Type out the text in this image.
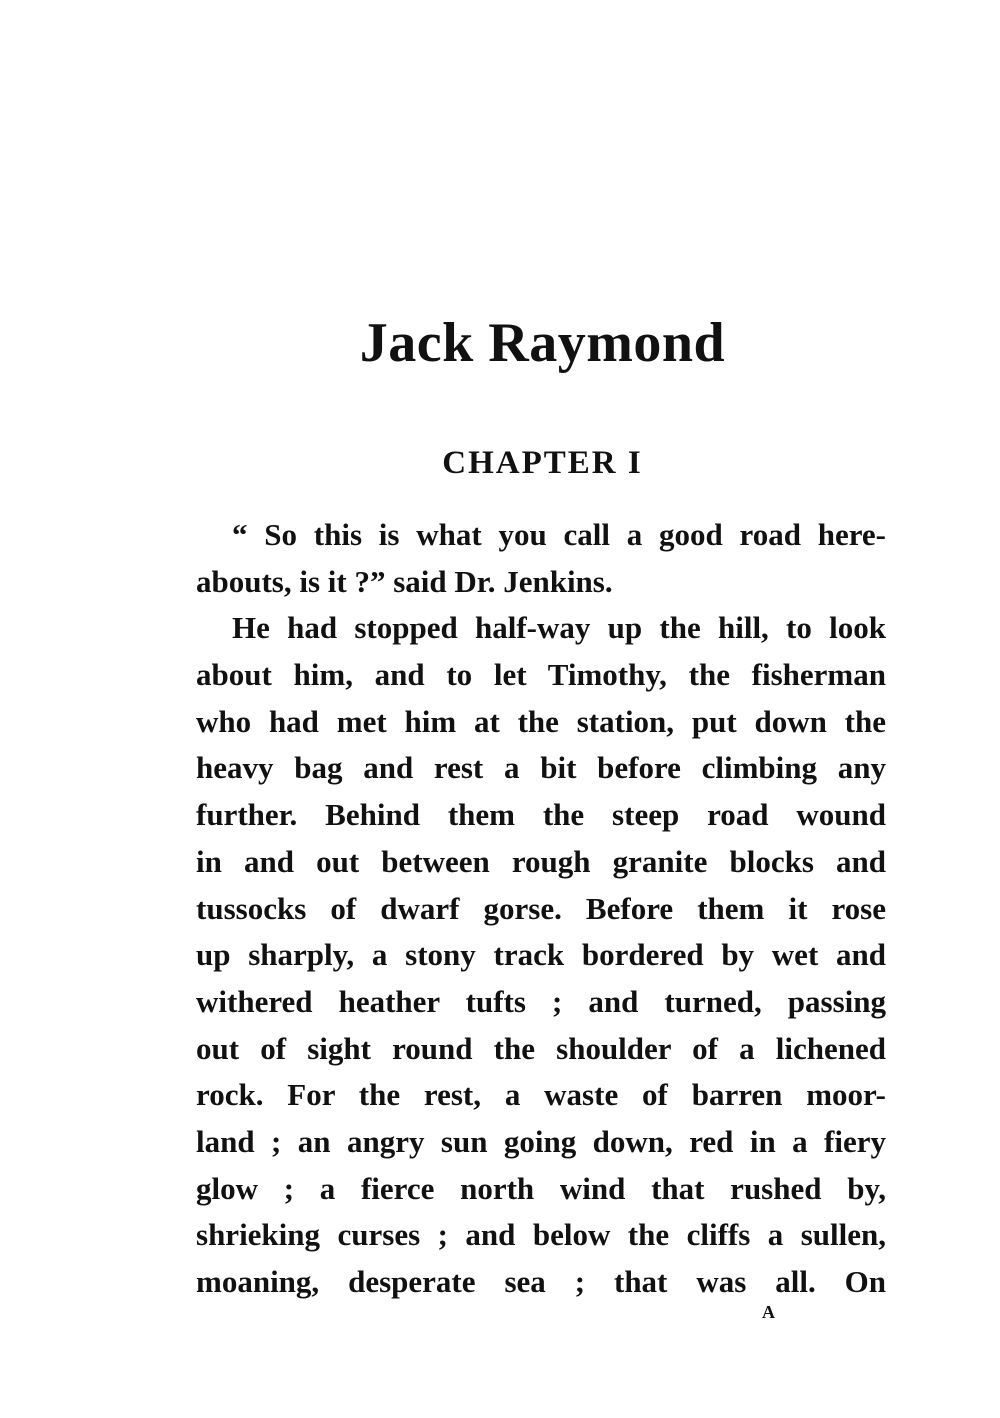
Jack Raymond
CHAPTER I
“ So this is what you call a good road here-
abouts, is it ?” said Dr. Jenkins.
He had stopped half-way up the hill, to look
about him, and to let Timothy, the fisherman
who had met him at the station, put down the
heavy bag and rest a bit before climbing any
further. Behind them the steep road wound
in and out between rough granite blocks and
tussocks of dwarf gorse. Before them it rose
up sharply, a stony track bordered by wet and
withered heather tufts ; and turned, passing
out of sight round the shoulder of a lichened
rock. For the rest, a waste of barren moor-
land ; an angry sun going down, red in a fiery
glow ; a fierce north wind that rushed by,
shrieking curses ; and below the cliffs a sullen,
moaning, desperate sea ; that was all. On
A
